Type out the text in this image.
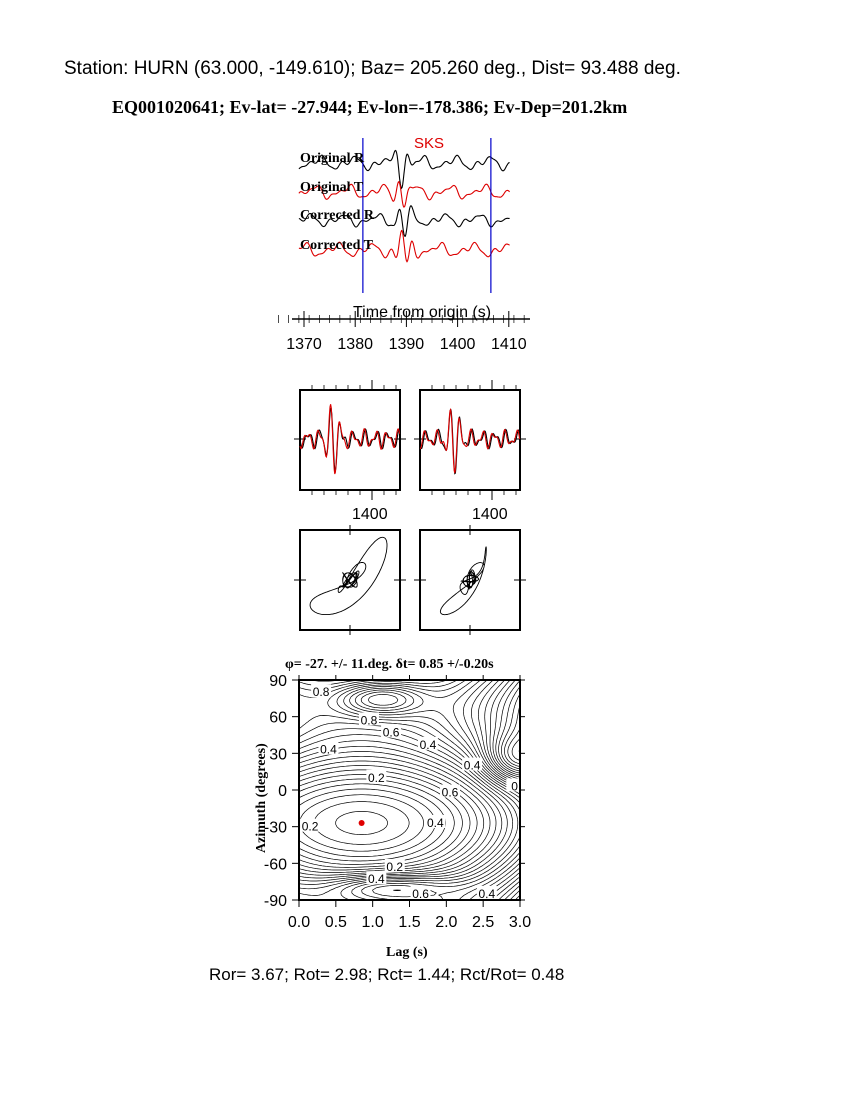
Station: HURN (63.000, -149.610); Baz= 205.260 deg., Dist= 93.488 deg.
EQ001020641; Ev-lat= -27.944; Ev-lon=-178.386; Ev-Dep=201.2km
Original R
Original T
Corrected R
Corrected T
SKS
Time from origin (s)
1370 1380 1390 1400 1410
1400	1400
φ= -27. +/- 11.deg. δt= 0.85 +/-0.20s
0.8
0.8
0.6
0.4	0.4
0.4
0.2
0.6
0.2	0.4
0.2
0.4
0.6	0.4
0.
0.0 0.5 1.0 1.5 2.0 2.5 3.0
90
60
30
0
-30
-60
-90
Lag (s)
Azimuth (degrees)
Ror= 3.67; Rot= 2.98; Rct= 1.44; Rct/Rot= 0.48
